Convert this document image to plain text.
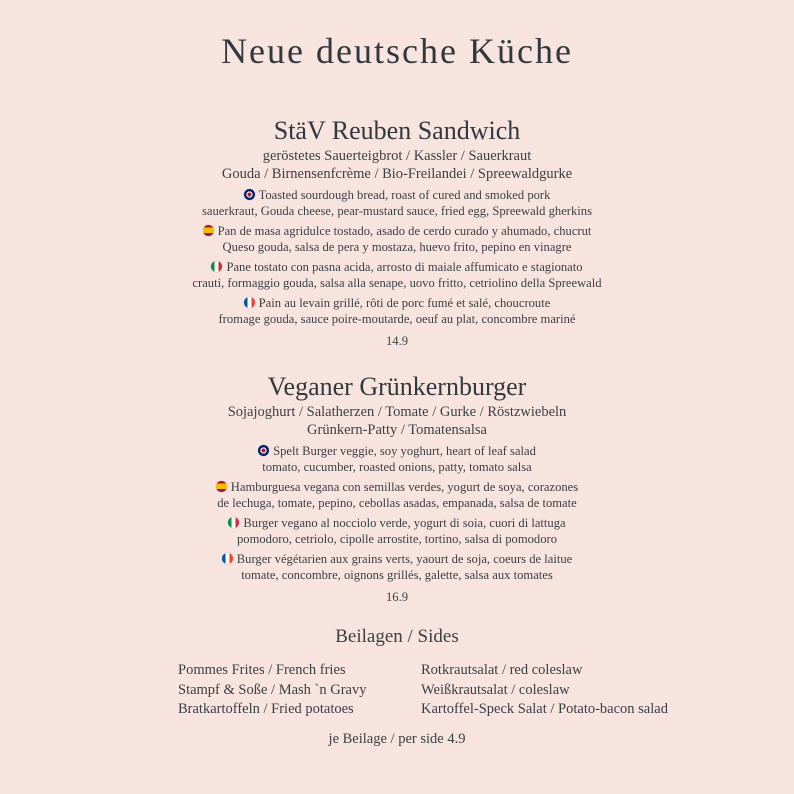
Neue deutsche Küche
StäV Reuben Sandwich
geröstetes Sauerteigbrot / Kassler / Sauerkraut
Gouda / Birnensenfcrème / Bio-Freilandei / Spreewaldgurke
Toasted sourdough bread, roast of cured and smoked pork
sauerkraut, Gouda cheese, pear-mustard sauce, fried egg, Spreewald gherkins
Pan de masa agridulce tostado, asado de cerdo curado y ahumado, chucrut
Queso gouda, salsa de pera y mostaza, huevo frito, pepino en vinagre
Pane tostato con pasna acida, arrosto di maiale affumicato e stagionato
crauti, formaggio gouda, salsa alla senape, uovo fritto, cetriolino della Spreewald
Pain au levain grillé, rôti de porc fumé et salé, choucroute
fromage gouda, sauce poire-moutarde, oeuf au plat, concombre mariné
14.9
Veganer Grünkernburger
Sojajoghurt / Salatherzen / Tomate / Gurke / Röstzwiebeln
Grünkern-Patty / Tomatensalsa
Spelt Burger veggie, soy yoghurt, heart of leaf salad
tomato, cucumber, roasted onions, patty, tomato salsa
Hamburguesa vegana con semillas verdes, yogurt de soya, corazones
de lechuga, tomate, pepino, cebollas asadas, empanada, salsa de tomate
Burger vegano al nocciolo verde, yogurt di soia, cuori di lattuga
pomodoro, cetriolo, cipolle arrostite, tortino, salsa di pomodoro
Burger végétarien aux grains verts, yaourt de soja, coeurs de laitue
tomate, concombre, oignons grillés, galette, salsa aux tomates
16.9
Beilagen / Sides
Pommes Frites / French fries
Stampf & Soße / Mash `n Gravy
Bratkartoffeln / Fried potatoes
Rotkrautsalat / red coleslaw
Weißkrautsalat / coleslaw
Kartoffel-Speck Salat / Potato-bacon salad
je Beilage / per side 4.9
